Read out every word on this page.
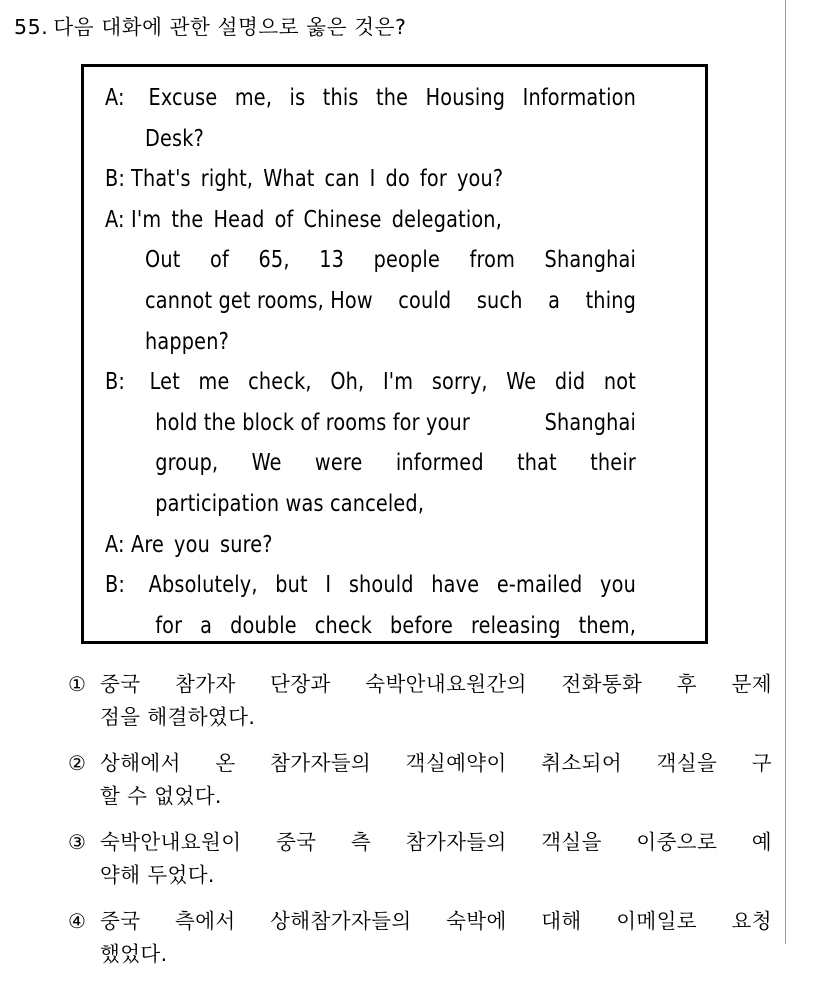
55. 다음 대화에 관한 설명으로 옳은 것은?
A: Excuse me, is this the Housing Information
Desk?
B: That's right, What can I do for you?
A: I'm the Head of Chinese delegation,
Out of 65, 13 people from Shanghai
cannot get rooms, How could such a thing
happen?
B: Let me check, Oh, I'm sorry, We did not
hold the block of rooms for your	Shanghai
group, We were informed that their
participation was canceled,
A: Are you sure?
B: Absolutely, but I should have e-mailed you
for a double check before releasing them,
① 중국 참가자 단장과 숙박안내요원간의 전화통화 후 문제
점을 해결하였다.
② 상해에서 온 참가자들의 객실예약이 취소되어 객실을 구
할 수 없었다.
③ 숙박안내요원이 중국 측 참가자들의 객실을 이중으로 예
약해 두었다.
④ 중국 측에서 상해참가자들의 숙박에 대해 이메일로 요청
했었다.
